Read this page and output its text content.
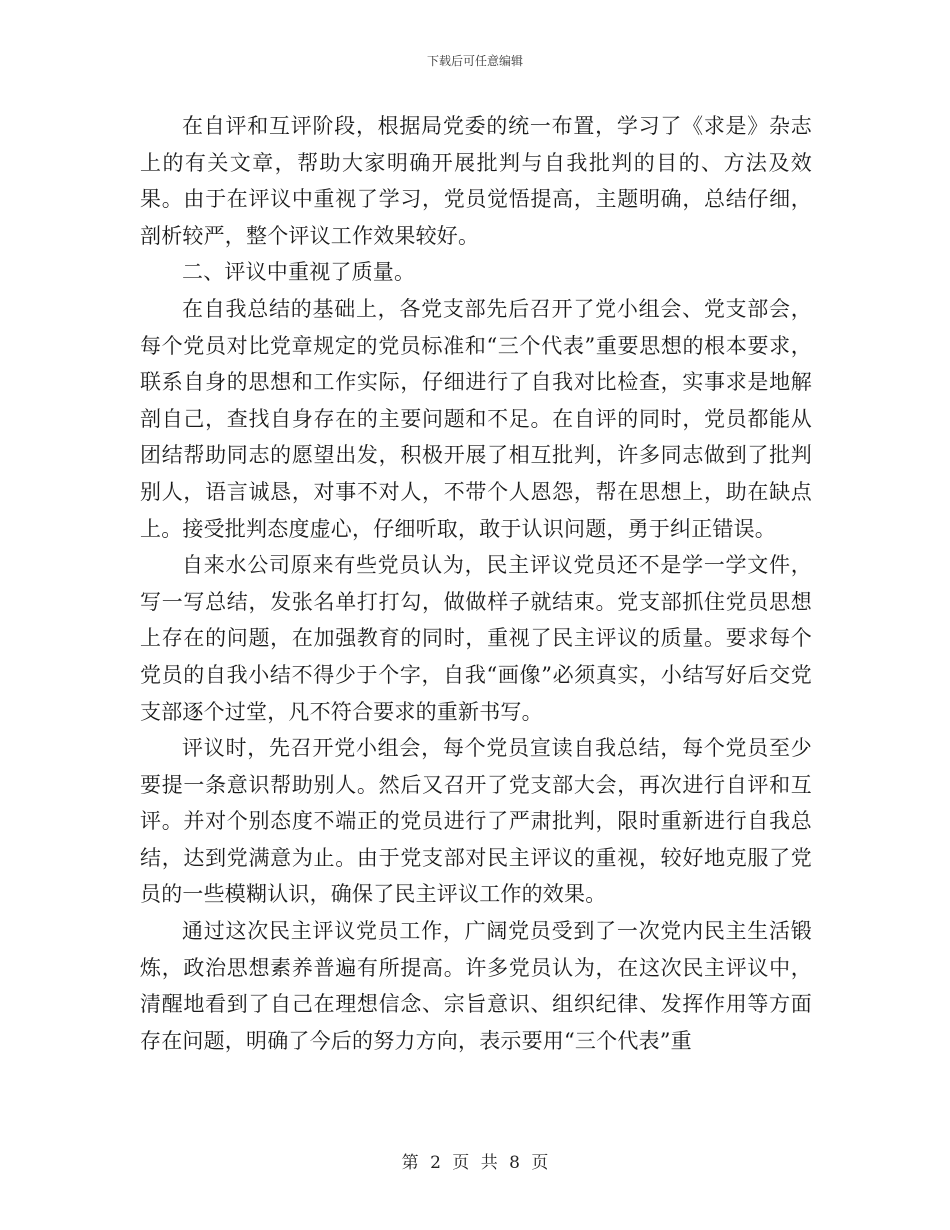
下载后可任意编辑

在自评和互评阶段，根据局党委的统一布置，学习了《求是》杂志上的有关文章，帮助大家明确开展批判与自我批判的目的、方法及效果。由于在评议中重视了学习，党员觉悟提高，主题明确，总结仔细，剖析较严，整个评议工作效果较好。

二、评议中重视了质量。

在自我总结的基础上，各党支部先后召开了党小组会、党支部会，每个党员对比党章规定的党员标准和“三个代表”重要思想的根本要求，联系自身的思想和工作实际，仔细进行了自我对比检查，实事求是地解剖自己，查找自身存在的主要问题和不足。在自评的同时，党员都能从团结帮助同志的愿望出发，积极开展了相互批判，许多同志做到了批判别人，语言诚恳，对事不对人，不带个人恩怨，帮在思想上，助在缺点上。接受批判态度虚心，仔细听取，敢于认识问题，勇于纠正错误。

自来水公司原来有些党员认为，民主评议党员还不是学一学文件，写一写总结，发张名单打打勾，做做样子就结束。党支部抓住党员思想上存在的问题，在加强教育的同时，重视了民主评议的质量。要求每个党员的自我小结不得少于个字，自我“画像”必须真实，小结写好后交党支部逐个过堂，凡不符合要求的重新书写。

评议时，先召开党小组会，每个党员宣读自我总结，每个党员至少要提一条意识帮助别人。然后又召开了党支部大会，再次进行自评和互评。并对个别态度不端正的党员进行了严肃批判，限时重新进行自我总结，达到党满意为止。由于党支部对民主评议的重视，较好地克服了党员的一些模糊认识，确保了民主评议工作的效果。

通过这次民主评议党员工作，广阔党员受到了一次党内民主生活锻炼，政治思想素养普遍有所提高。许多党员认为，在这次民主评议中，清醒地看到了自己在理想信念、宗旨意识、组织纪律、发挥作用等方面存在问题，明确了今后的努力方向，表示要用“三个代表”重

第 2 页 共 8 页
